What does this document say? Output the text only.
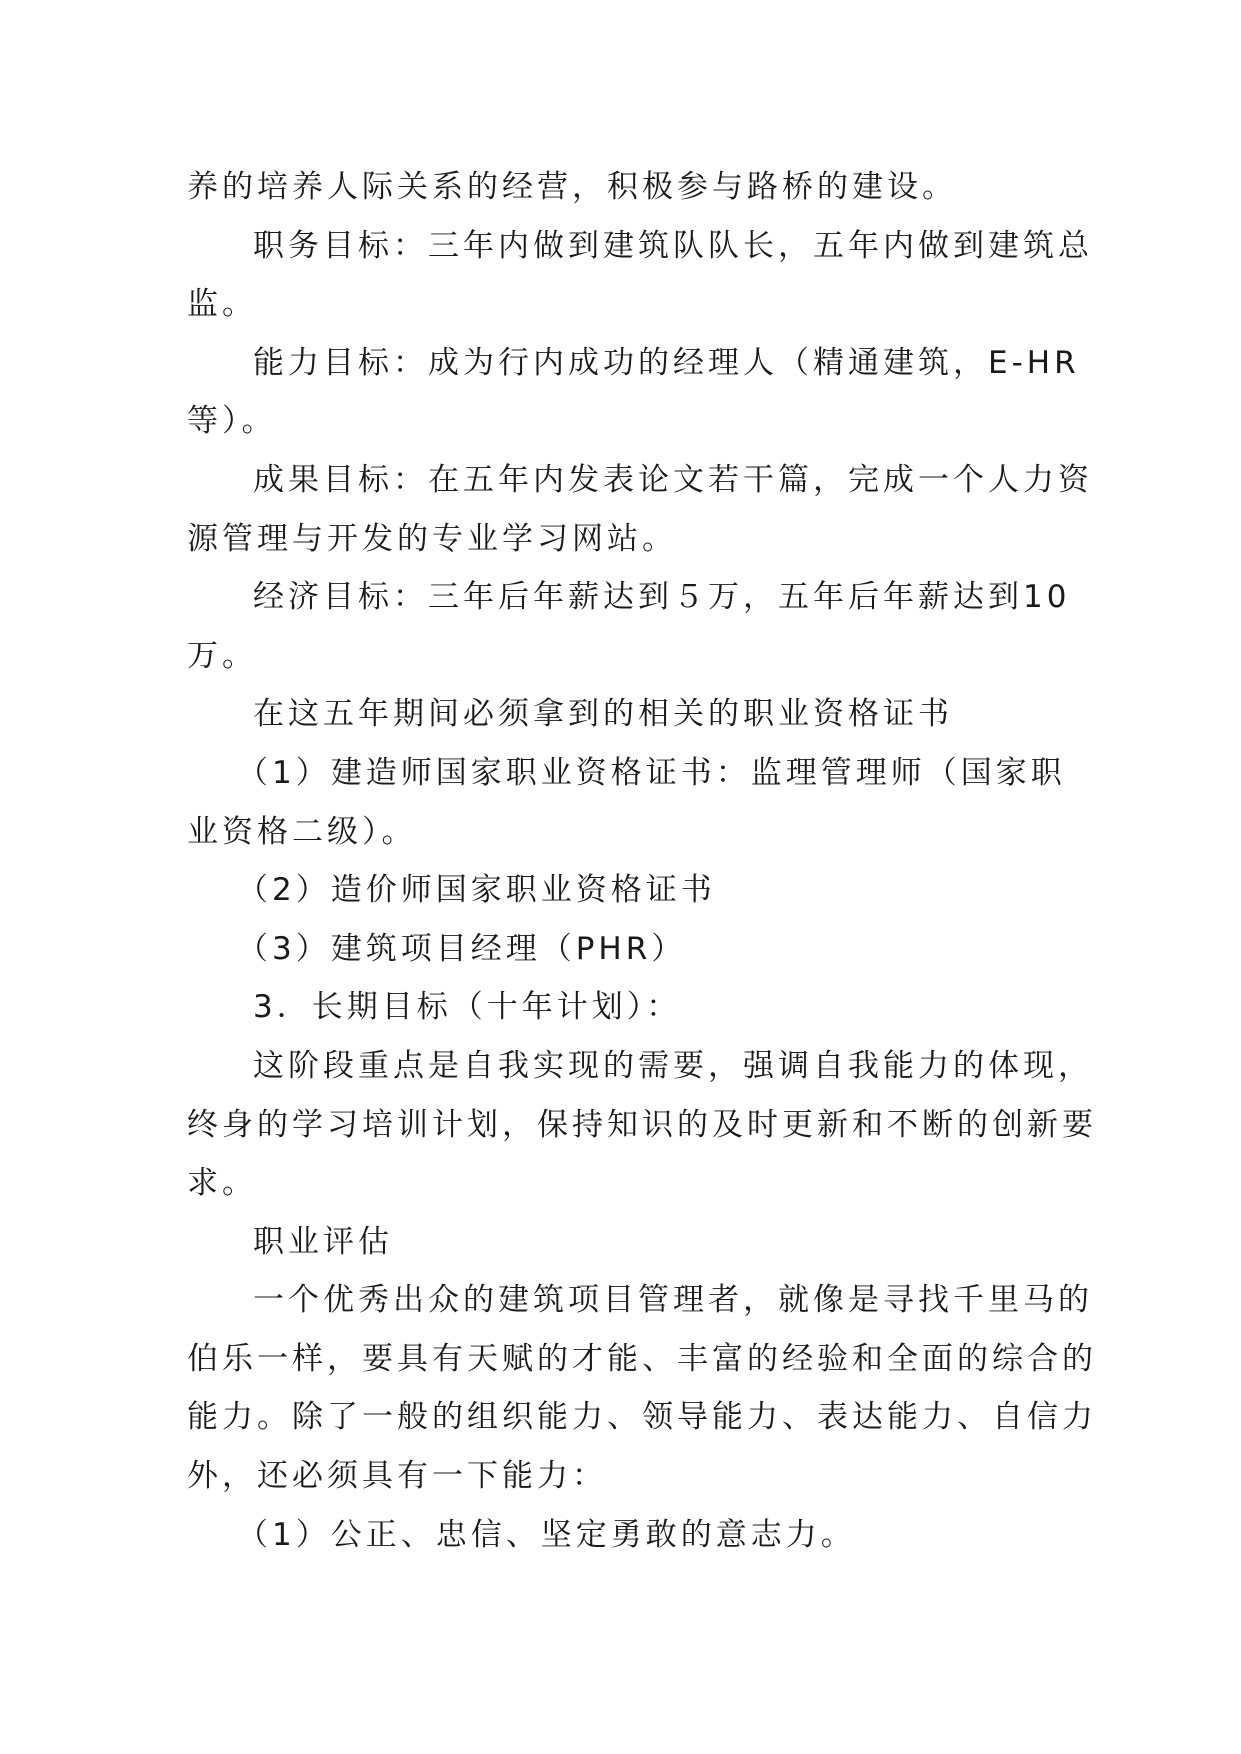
养的培养人际关系的经营，积极参与路桥的建设。
职务目标：三年内做到建筑队队长，五年内做到建筑总
监。
能力目标：成为行内成功的经理人（精通建筑，E-HR
等）。
成果目标：在五年内发表论文若干篇，完成一个人力资
源管理与开发的专业学习网站。
经济目标：三年后年薪达到５万，五年后年薪达到10
万。
在这五年期间必须拿到的相关的职业资格证书
（1）建造师国家职业资格证书：监理管理师（国家职
业资格二级）。
（2）造价师国家职业资格证书
（3）建筑项目经理（PHR）
3．长期目标（十年计划）：
这阶段重点是自我实现的需要，强调自我能力的体现，
终身的学习培训计划，保持知识的及时更新和不断的创新要
求。
职业评估
一个优秀出众的建筑项目管理者，就像是寻找千里马的
伯乐一样，要具有天赋的才能、丰富的经验和全面的综合的
能力。除了一般的组织能力、领导能力、表达能力、自信力
外，还必须具有一下能力：
（1）公正、忠信、坚定勇敢的意志力。
